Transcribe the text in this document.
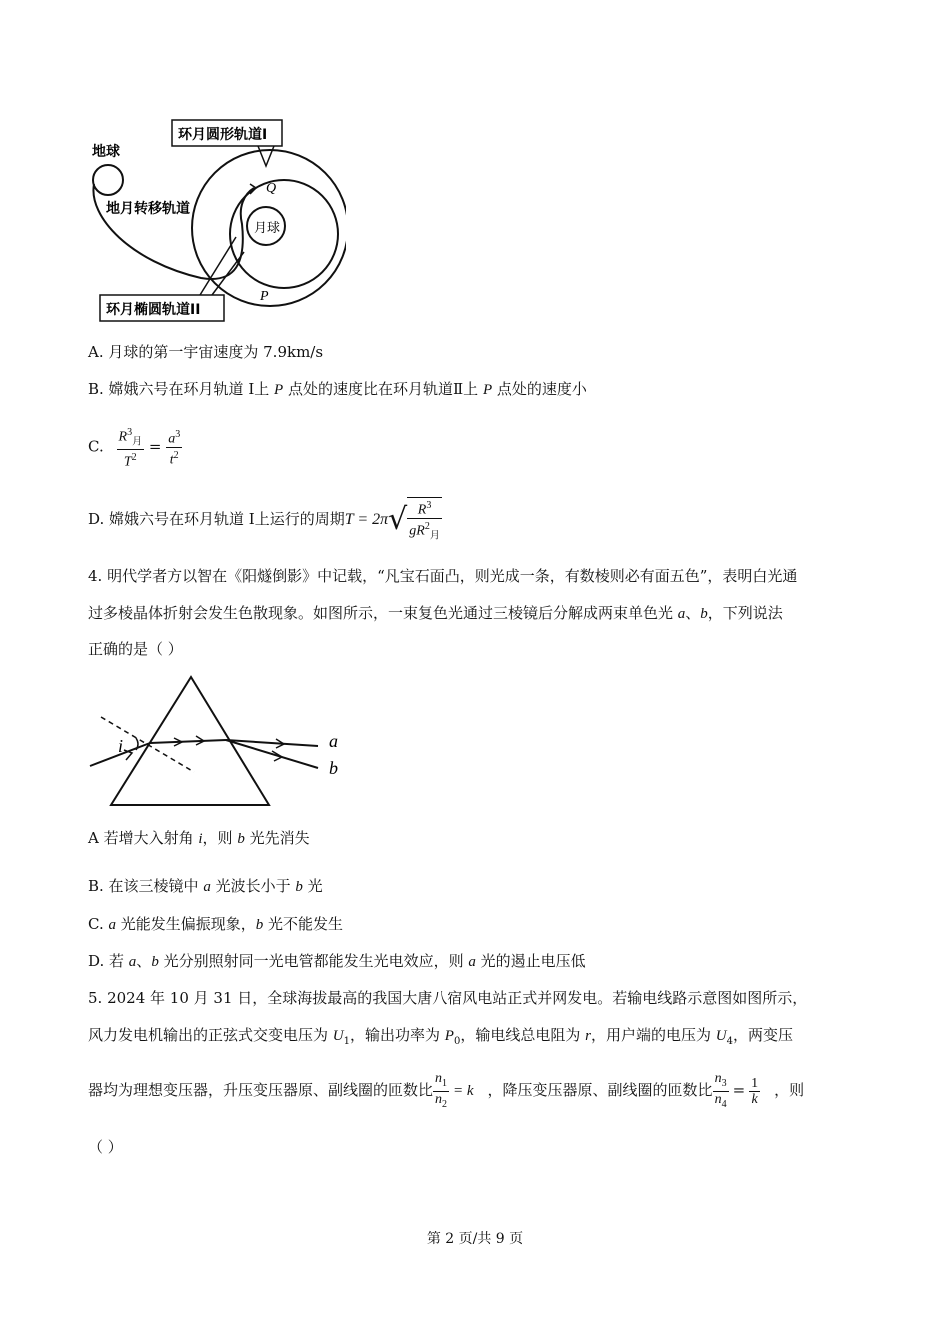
地球
地月转移轨道
环月圆形轨道I
月球
Q
P
环月椭圆轨道II
A. 月球的第一宇宙速度为 7.9km/s
B. 嫦娥六号在环月轨道 Ⅰ上 P 点处的速度比在环月轨道Ⅱ上 P 点处的速度小
C. $\frac{R^3_月}{T^2} = \frac{a^3}{t^2}$
D. 嫦娥六号在环月轨道 Ⅰ上运行的周期$T = 2\pi√ \frac{R^3}{gR^2_月}$
4. 明代学者方以智在《阳燧倒影》中记载，“凡宝石面凸，则光成一条，有数棱则必有面五色”，表明白光通
过多棱晶体折射会发生色散现象。如图所示，一束复色光通过三棱镜后分解成两束单色光 a、b，下列说法
正确的是（ ）
i	a
b
A 若增大入射角 i，则 b 光先消失
B. 在该三棱镜中 a 光波长小于 b 光
C. a 光能发生偏振现象，b 光不能发生
D. 若 a、b 光分别照射同一光电管都能发生光电效应，则 a 光的遏止电压低
5. 2024 年 10 月 31 日，全球海拔最高的我国大唐八宿风电站正式并网发电。若输电线路示意图如图所示，
风力发电机输出的正弦式交变电压为 $U_1$，输出功率为 $P_0$，输电线总电阻为 r，用户端的电压为 $U_4$，两变压
器均为理想变压器，升压变压器原、副线圈的匝数比 $\frac{n_1}{n_2} = k$ ，降压变压器原、副线圈的匝数比 $\frac{n_3}{n_4} = \frac{1}{k}$ ，则
（ ）
第 2 页/共 9 页
